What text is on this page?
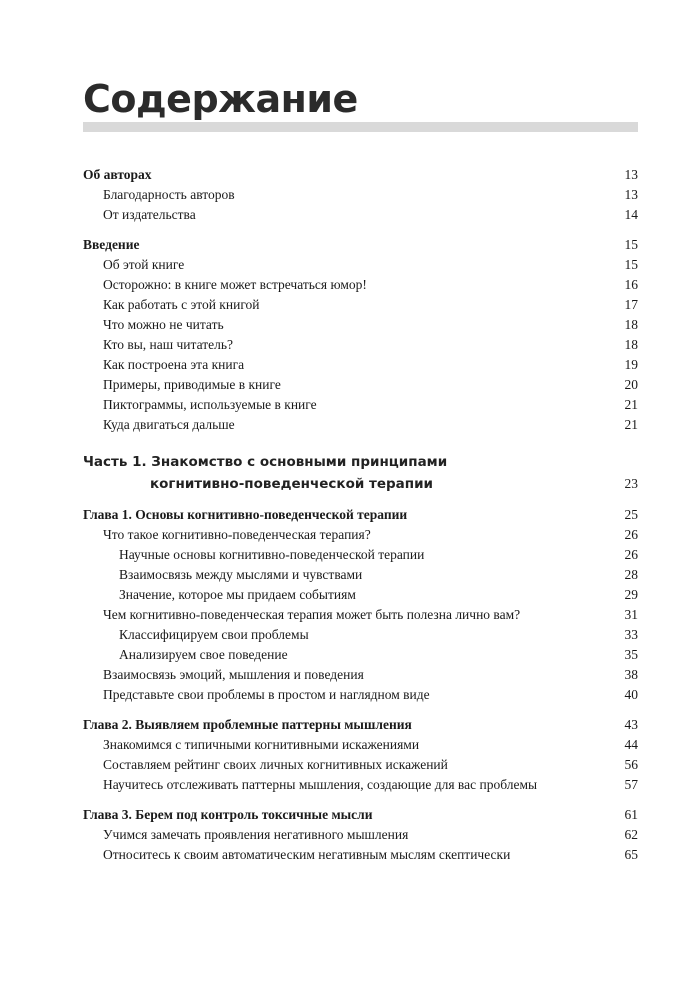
Содержание
Об авторах	13
Благодарность авторов	13
От издательства	14
Введение	15
Об этой книге	15
Осторожно: в книге может встречаться юмор!	16
Как работать с этой книгой	17
Что можно не читать	18
Кто вы, наш читатель?	18
Как построена эта книга	19
Примеры, приводимые в книге	20
Пиктограммы, используемые в книге	21
Куда двигаться дальше	21
Часть 1. Знакомство с основными принципами
когнитивно-поведенческой терапии	23
Глава 1. Основы когнитивно-поведенческой терапии	25
Что такое когнитивно-поведенческая терапия?	26
Научные основы когнитивно-поведенческой терапии	26
Взаимосвязь между мыслями и чувствами	28
Значение, которое мы придаем событиям	29
Чем когнитивно-поведенческая терапия может быть полезна лично вам?	31
Классифицируем свои проблемы	33
Анализируем свое поведение	35
Взаимосвязь эмоций, мышления и поведения	38
Представьте свои проблемы в простом и наглядном виде	40
Глава 2. Выявляем проблемные паттерны мышления	43
Знакомимся с типичными когнитивными искажениями	44
Составляем рейтинг своих личных когнитивных искажений	56
Научитесь отслеживать паттерны мышления, создающие для вас проблемы	57
Глава 3. Берем под контроль токсичные мысли	61
Учимся замечать проявления негативного мышления	62
Относитесь к своим автоматическим негативным мыслям скептически	65
